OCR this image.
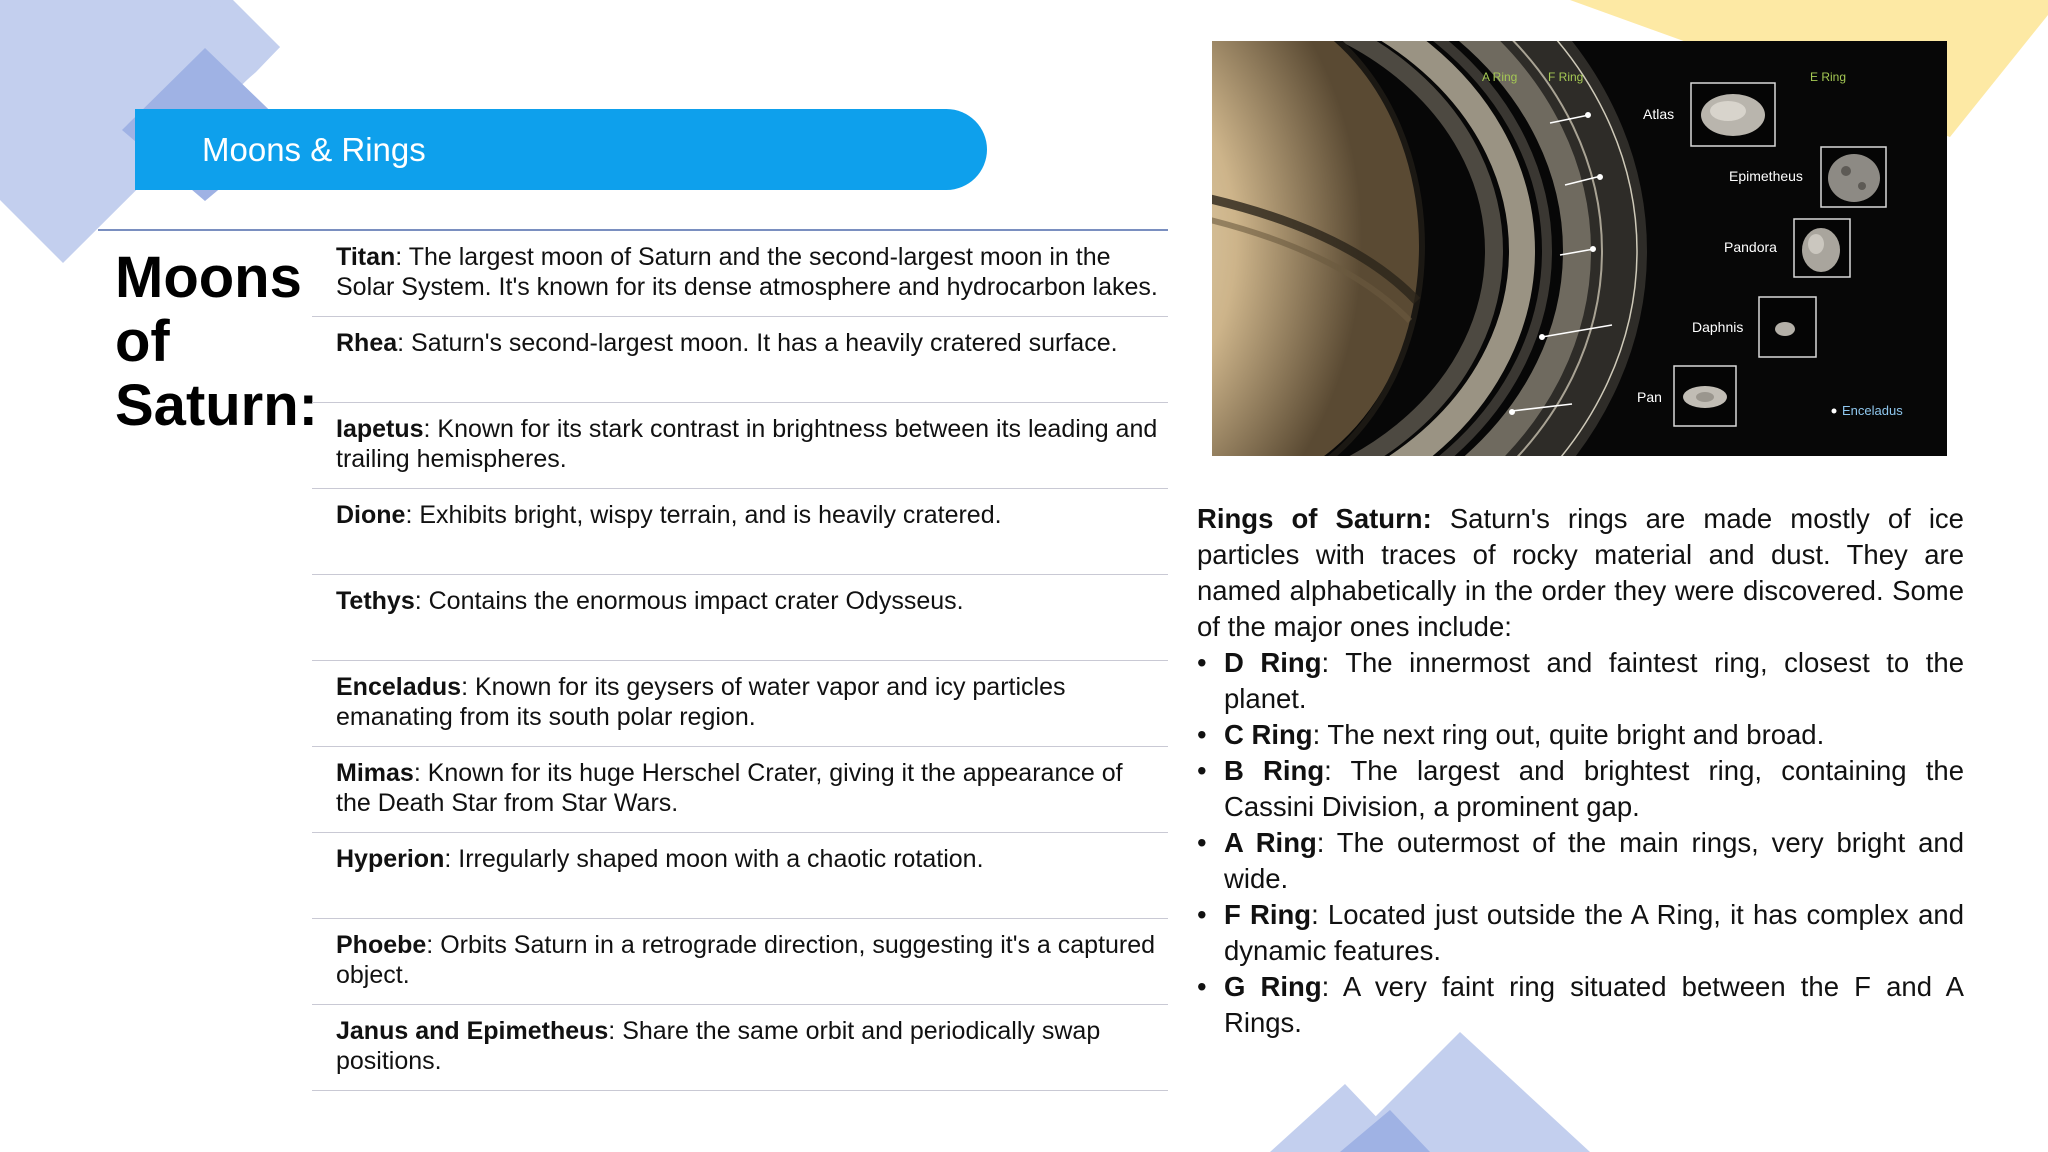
Moons & Rings
Moons
of
Saturn:
Titan: The largest moon of Saturn and the second-largest moon in the Solar System. It's known for its dense atmosphere and hydrocarbon lakes.
Rhea: Saturn's second-largest moon. It has a heavily cratered surface.
Iapetus: Known for its stark contrast in brightness between its leading and trailing hemispheres.
Dione: Exhibits bright, wispy terrain, and is heavily cratered.
Tethys: Contains the enormous impact crater Odysseus.
Enceladus: Known for its geysers of water vapor and icy particles emanating from its south polar region.
Mimas: Known for its huge Herschel Crater, giving it the appearance of the Death Star from Star Wars.
Hyperion: Irregularly shaped moon with a chaotic rotation.
Phoebe: Orbits Saturn in a retrograde direction, suggesting it's a captured object.
Janus and Epimetheus: Share the same orbit and periodically swap positions.
A Ring	F Ring	E Ring
Atlas
Epimetheus
Pandora
Daphnis
Pan
Enceladus
Rings of Saturn: Saturn's rings are made mostly of ice particles with traces of rocky material and dust. They are named alphabetically in the order they were discovered. Some of the major ones include:
• D Ring: The innermost and faintest ring, closest to the planet.
• C Ring: The next ring out, quite bright and broad.
• B Ring: The largest and brightest ring, containing the Cassini Division, a prominent gap.
• A Ring: The outermost of the main rings, very bright and wide.
• F Ring: Located just outside the A Ring, it has complex and dynamic features.
• G Ring: A very faint ring situated between the F and A Rings.
